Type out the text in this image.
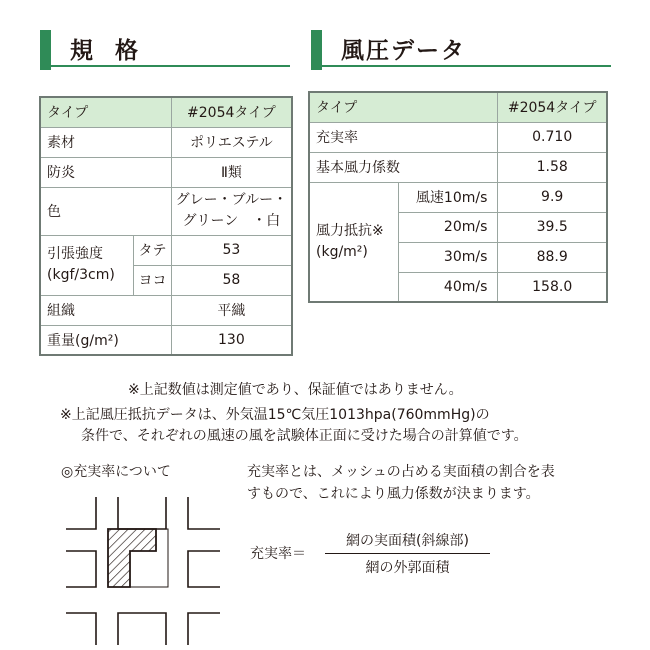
規格	風圧データ
タイプ		#2054タイプ
素材		ポリエステル
防炎		Ⅱ類
色		グレー・ブルー・
グリーン　・白

引張強度
(kgf/3cm)	タテ	53
	ヨコ	58
組織		平織
重量(g/m²)		130
タイプ		#2054タイプ
充実率		0.710
基本風力係数		1.58

風力抵抗※
(kg/m²)	風速10m/s	9.9
	20m/s	39.5
	30m/s	88.9
	40m/s	158.0
※上記数値は測定値であり、保証値ではありません。
※上記風圧抵抗データは、外気温15℃気圧1013hpa(760mmHg)の
条件で、それぞれの風速の風を試験体正面に受けた場合の計算値です。
◎充実率について	充実率とは、メッシュの占める実面積の割合を表
すもので、これにより風力係数が決まります。
充実率＝
網の実面積(斜線部)
網の外郭面積
